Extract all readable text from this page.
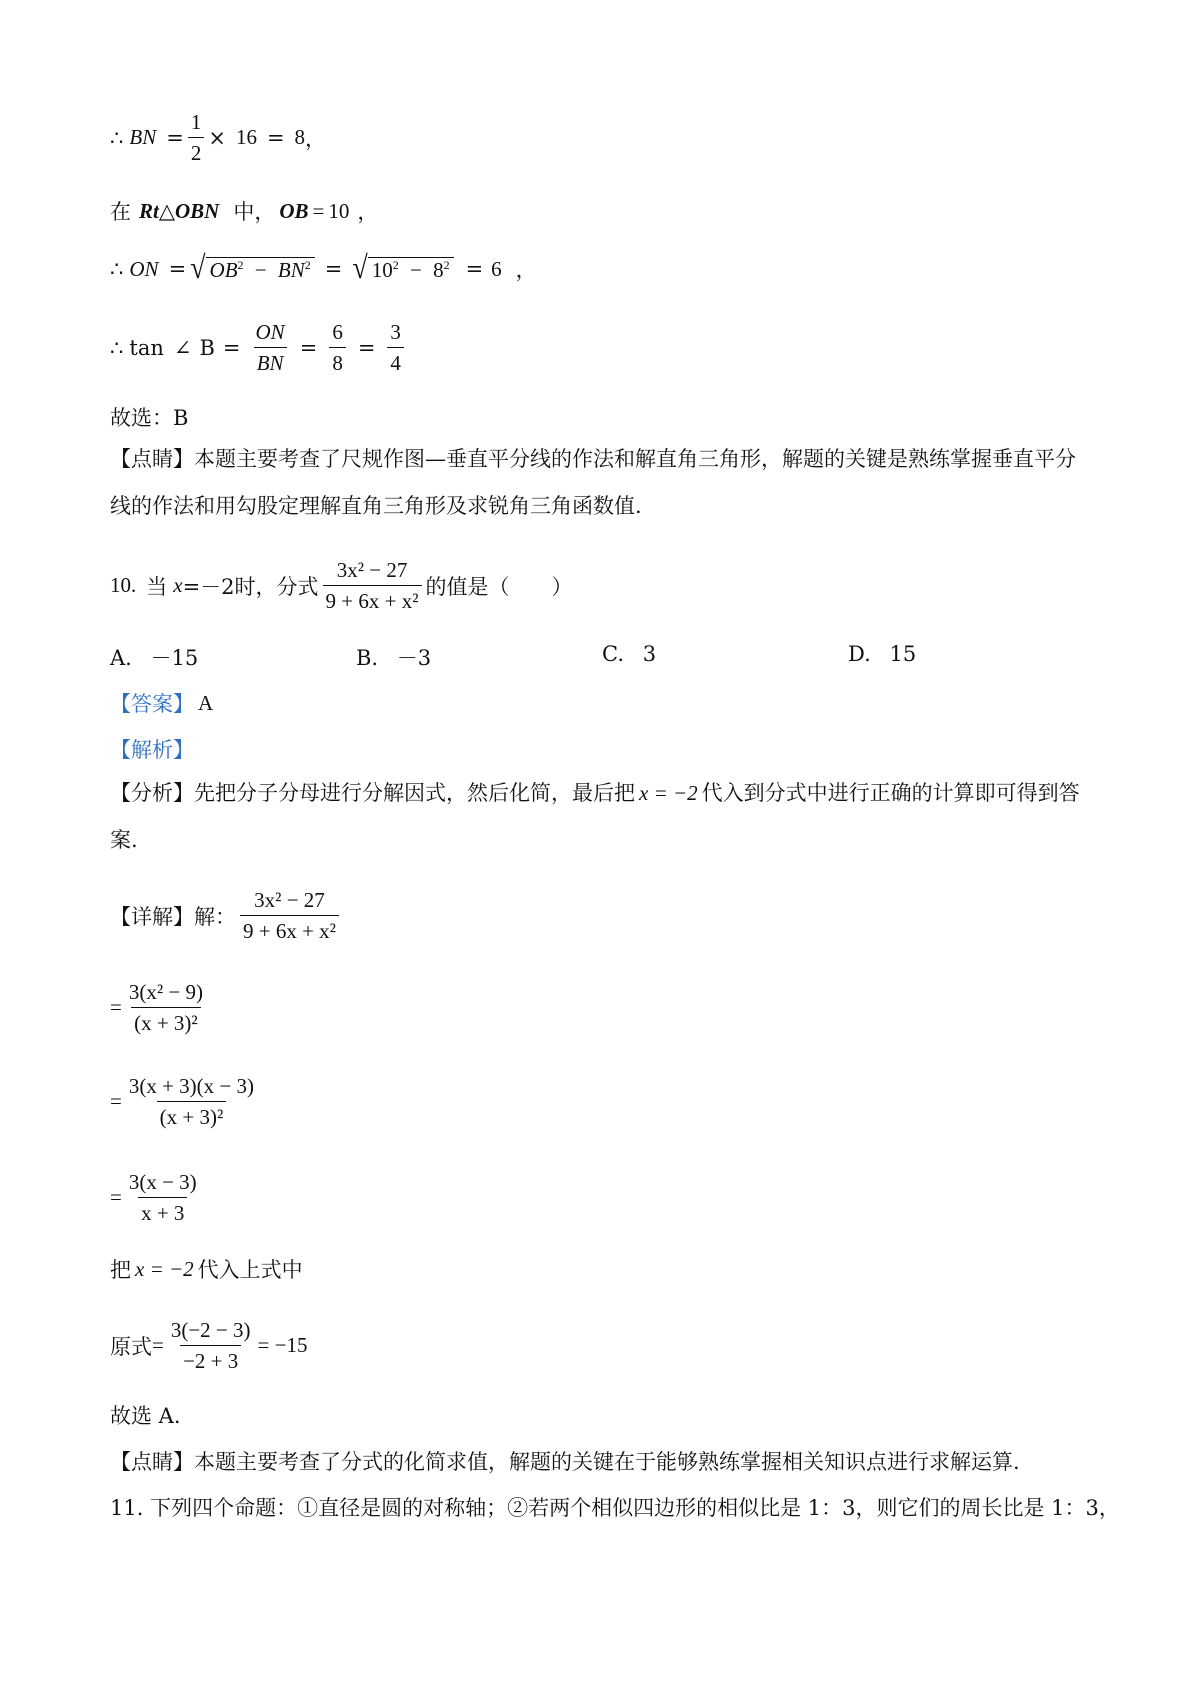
∴ BN = $\frac{1}{2} \times 16 = 8$ ，
在 Rt△OBN 中， OB = 10 ，
∴ ON = √ $OB^2 - BN^2$ = √ $10^2 - 8^2 = 6$ ，
∴ tan ∠ $B = \frac{ON}{BN} = \frac{6}{8} = \frac{3}{4}$
故选：B
【点睛】本题主要考查了尺规作图—垂直平分线的作法和解直角三角形，解题的关键是熟练掌握垂直平分线的作法和用勾股定理解直角三角形及求锐角三角函数值.
10. 当 x =－2时，分式 $\frac{\text{3x² − 27}}{\text{9 + 6x + x²}}$ 的值是（　　）
A. －15	B. －3	C. 3	D. 15
【答案】 A
【解析】
【分析】先把分子分母进行分解因式，然后化简，最后把 x = −2 代入到分式中进行正确的计算即可得到答案.
【详解】解： $\frac{\text{3x² − 27}}{\text{9 + 6x + x²}}$
= $\frac{\text{3(x² − 9)}}{\text{(x + 3)²}}$
= $\frac{3(x + 3)(x - 3)}{\text{(x + 3)²}}$
= $\frac{3(x - 3)}{x + 3}$
把 x = −2 代入上式中
原式 = $\frac{3(-2 - 3)}{-2 + 3} = -15$
故选 A.
【点睛】本题主要考查了分式的化简求值，解题的关键在于能够熟练掌握相关知识点进行求解运算.
11. 下列四个命题：①直径是圆的对称轴；②若两个相似四边形的相似比是 1：3，则它们的周长比是 1：3，
